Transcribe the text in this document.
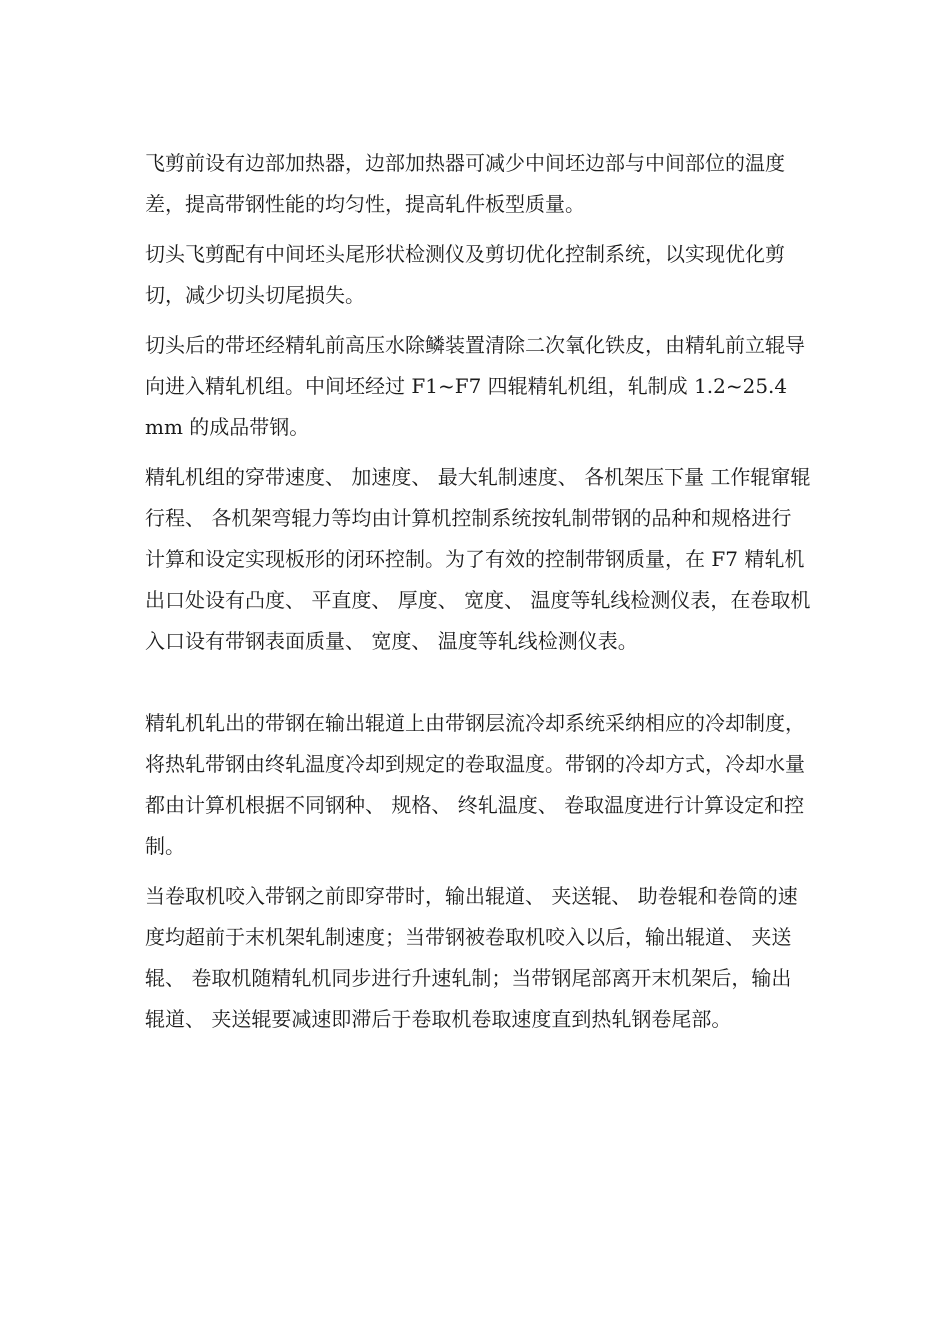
飞剪前设有边部加热器，边部加热器可减少中间坯边部与中间部位的温度差，提高带钢性能的均匀性，提高轧件板型质量。

切头飞剪配有中间坯头尾形状检测仪及剪切优化控制系统，以实现优化剪切，减少切头切尾损失。

切头后的带坯经精轧前高压水除鳞装置清除二次氧化铁皮，由精轧前立辊导向进入精轧机组。中间坯经过 F1~F7 四辊精轧机组，轧制成 1.2~25.4 mm 的成品带钢。

精轧机组的穿带速度、 加速度、 最大轧制速度、 各机架压下量 工作辊窜辊行程、 各机架弯辊力等均由计算机控制系统按轧制带钢的品种和规格进行计算和设定实现板形的闭环控制。为了有效的控制带钢质量，在 F7 精轧机出口处设有凸度、 平直度、 厚度、 宽度、 温度等轧线检测仪表，在卷取机入口设有带钢表面质量、 宽度、 温度等轧线检测仪表。

精轧机轧出的带钢在输出辊道上由带钢层流冷却系统采纳相应的冷却制度，将热轧带钢由终轧温度冷却到规定的卷取温度。带钢的冷却方式，冷却水量都由计算机根据不同钢种、 规格、 终轧温度、 卷取温度进行计算设定和控制。

当卷取机咬入带钢之前即穿带时，输出辊道、 夹送辊、 助卷辊和卷筒的速度均超前于末机架轧制速度；当带钢被卷取机咬入以后，输出辊道、 夹送辊、 卷取机随精轧机同步进行升速轧制；当带钢尾部离开末机架后，输出辊道、 夹送辊要减速即滞后于卷取机卷取速度直到热轧钢卷尾部。
